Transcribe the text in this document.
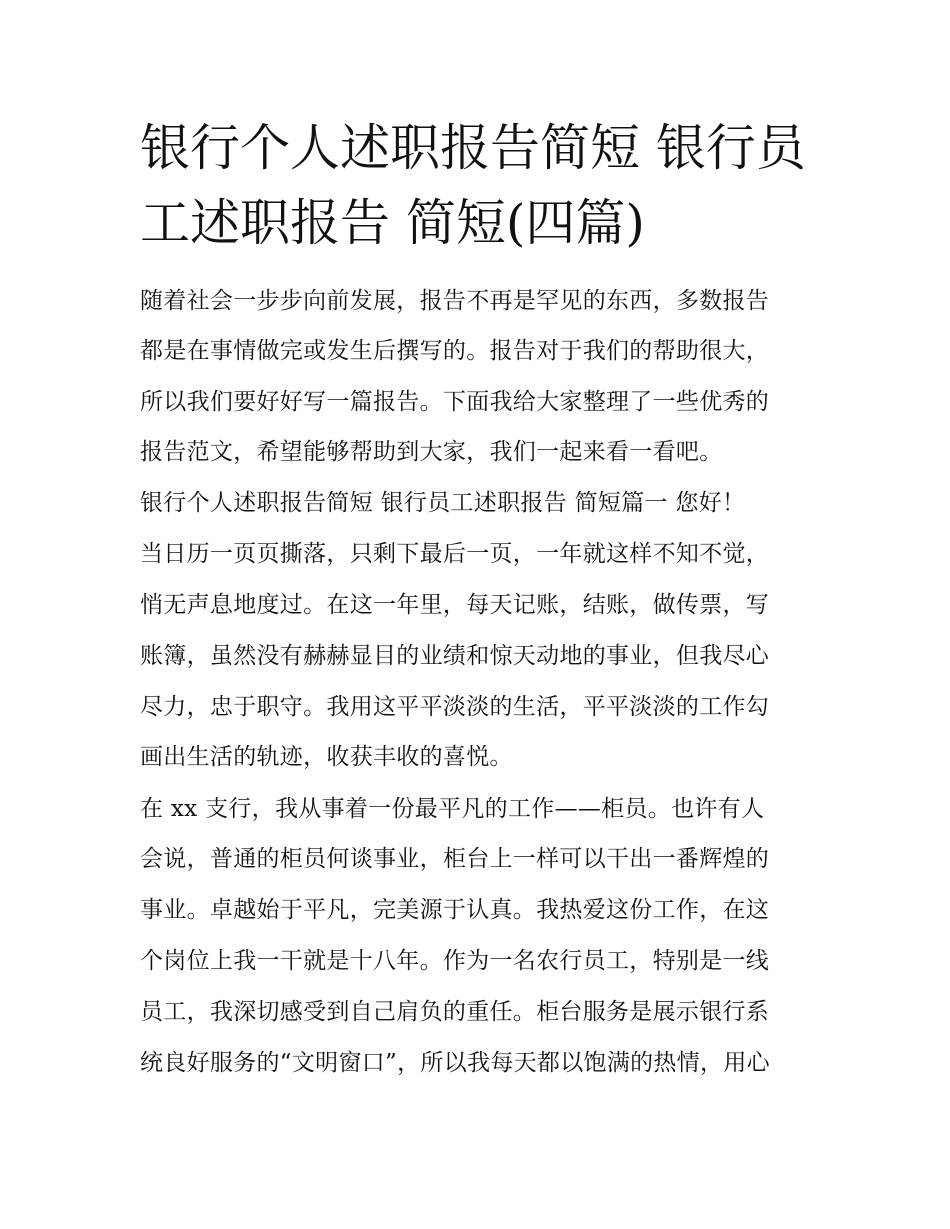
银行个人述职报告简短 银行员
工述职报告 简短(四篇)
随着社会一步步向前发展，报告不再是罕见的东西，多数报告
都是在事情做完或发生后撰写的。报告对于我们的帮助很大，
所以我们要好好写一篇报告。下面我给大家整理了一些优秀的
报告范文，希望能够帮助到大家，我们一起来看一看吧。
银行个人述职报告简短 银行员工述职报告 简短篇一 您好！
当日历一页页撕落，只剩下最后一页，一年就这样不知不觉，
悄无声息地度过。在这一年里，每天记账，结账，做传票，写
账簿，虽然没有赫赫显目的业绩和惊天动地的事业，但我尽心
尽力，忠于职守。我用这平平淡淡的生活，平平淡淡的工作勾
画出生活的轨迹，收获丰收的喜悦。
在 xx 支行，我从事着一份最平凡的工作——柜员。也许有人
会说，普通的柜员何谈事业，柜台上一样可以干出一番辉煌的
事业。卓越始于平凡，完美源于认真。我热爱这份工作，在这
个岗位上我一干就是十八年。作为一名农行员工，特别是一线
员工，我深切感受到自己肩负的重任。柜台服务是展示银行系
统良好服务的“文明窗口”，所以我每天都以饱满的热情，用心
